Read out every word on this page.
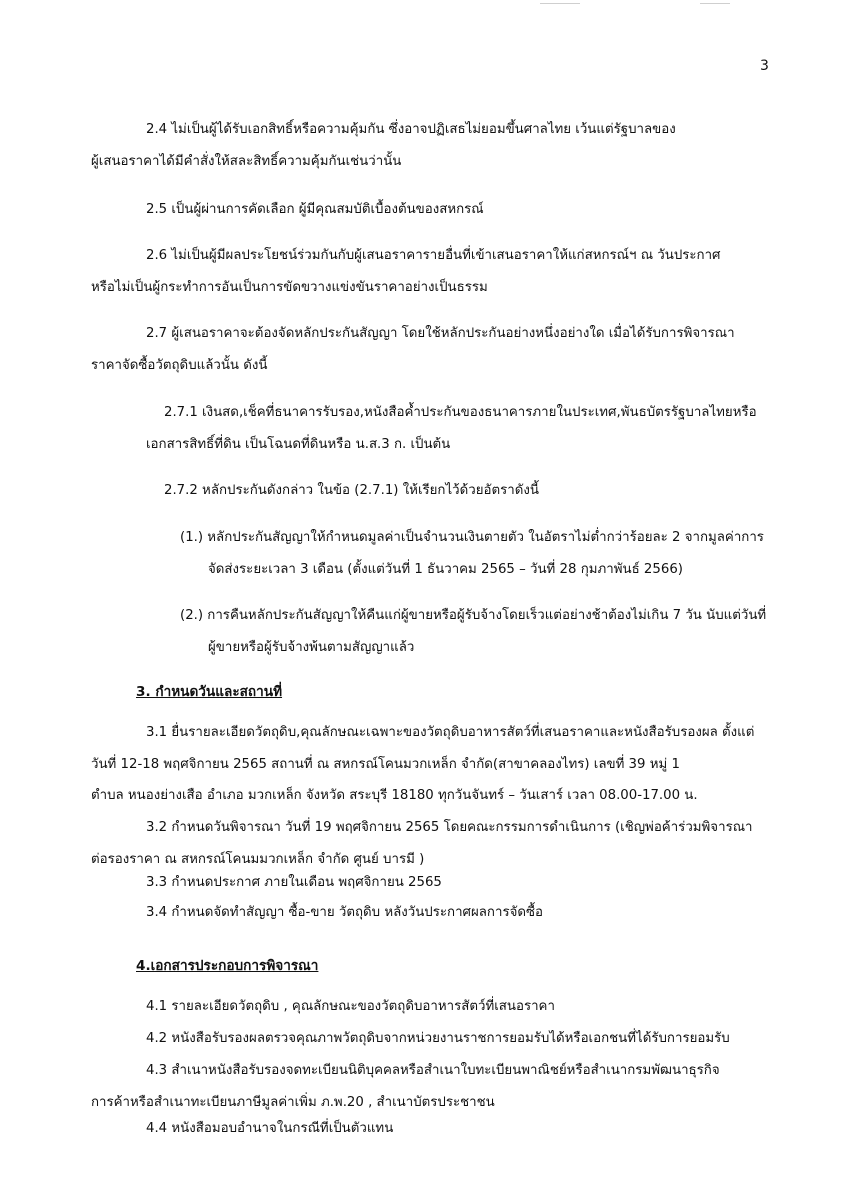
3
2.4 ไม่เป็นผู้ได้รับเอกสิทธิ์หรือความคุ้มกัน ซึ่งอาจปฏิเสธไม่ยอมขึ้นศาลไทย เว้นแต่รัฐบาลของ
ผู้เสนอราคาได้มีคำสั่งให้สละสิทธิ์ความคุ้มกันเช่นว่านั้น
2.5 เป็นผู้ผ่านการคัดเลือก ผู้มีคุณสมบัติเบื้องต้นของสหกรณ์
2.6 ไม่เป็นผู้มีผลประโยชน์ร่วมกันกับผู้เสนอราคารายอื่นที่เข้าเสนอราคาให้แก่สหกรณ์ฯ ณ วันประกาศ
หรือไม่เป็นผู้กระทำการอันเป็นการขัดขวางแข่งขันราคาอย่างเป็นธรรม
2.7 ผู้เสนอราคาจะต้องจัดหลักประกันสัญญา โดยใช้หลักประกันอย่างหนึ่งอย่างใด เมื่อได้รับการพิจารณา
ราคาจัดซื้อวัตถุดิบแล้วนั้น ดังนี้
2.7.1 เงินสด,เช็คที่ธนาคารรับรอง,หนังสือค้ำประกันของธนาคารภายในประเทศ,พันธบัตรรัฐบาลไทยหรือ
เอกสารสิทธิ์ที่ดิน เป็นโฉนดที่ดินหรือ น.ส.3 ก. เป็นต้น
2.7.2 หลักประกันดังกล่าว ในข้อ (2.7.1) ให้เรียกไว้ด้วยอัตราดังนี้
(1.) หลักประกันสัญญาให้กำหนดมูลค่าเป็นจำนวนเงินตายตัว ในอัตราไม่ต่ำกว่าร้อยละ 2 จากมูลค่าการ
จัดส่งระยะเวลา 3 เดือน (ตั้งแต่วันที่ 1 ธันวาคม 2565 – วันที่ 28 กุมภาพันธ์ 2566)
(2.) การคืนหลักประกันสัญญาให้คืนแก่ผู้ขายหรือผู้รับจ้างโดยเร็วแต่อย่างช้าต้องไม่เกิน 7 วัน นับแต่วันที่
ผู้ขายหรือผู้รับจ้างพ้นตามสัญญาแล้ว
3. กำหนดวันและสถานที่
3.1 ยื่นรายละเอียดวัตถุดิบ,คุณลักษณะเฉพาะของวัตถุดิบอาหารสัตว์ที่เสนอราคาและหนังสือรับรองผล ตั้งแต่
วันที่ 12-18 พฤศจิกายน 2565 สถานที่ ณ สหกรณ์โคนมวกเหล็ก จำกัด(สาขาคลองไทร) เลขที่ 39 หมู่ 1
ตำบล หนองย่างเสือ อำเภอ มวกเหล็ก จังหวัด สระบุรี 18180 ทุกวันจันทร์ – วันเสาร์ เวลา 08.00-17.00 น.
3.2 กำหนดวันพิจารณา วันที่ 19 พฤศจิกายน 2565 โดยคณะกรรมการดำเนินการ (เชิญพ่อค้าร่วมพิจารณา
ต่อรองราคา ณ สหกรณ์โคนมมวกเหล็ก จำกัด ศูนย์ บารมี )
3.3 กำหนดประกาศ ภายในเดือน พฤศจิกายน 2565
3.4 กำหนดจัดทำสัญญา ซื้อ-ขาย วัตถุดิบ หลังวันประกาศผลการจัดซื้อ
4.เอกสารประกอบการพิจารณา
4.1 รายละเอียดวัตถุดิบ , คุณลักษณะของวัตถุดิบอาหารสัตว์ที่เสนอราคา
4.2 หนังสือรับรองผลตรวจคุณภาพวัตถุดิบจากหน่วยงานราชการยอมรับได้หรือเอกชนที่ได้รับการยอมรับ
4.3 สำเนาหนังสือรับรองจดทะเบียนนิติบุคคลหรือสำเนาใบทะเบียนพาณิชย์หรือสำเนากรมพัฒนาธุรกิจ
การค้าหรือสำเนาทะเบียนภาษีมูลค่าเพิ่ม ภ.พ.20 , สำเนาบัตรประชาชน
4.4 หนังสือมอบอำนาจในกรณีที่เป็นตัวแทน
